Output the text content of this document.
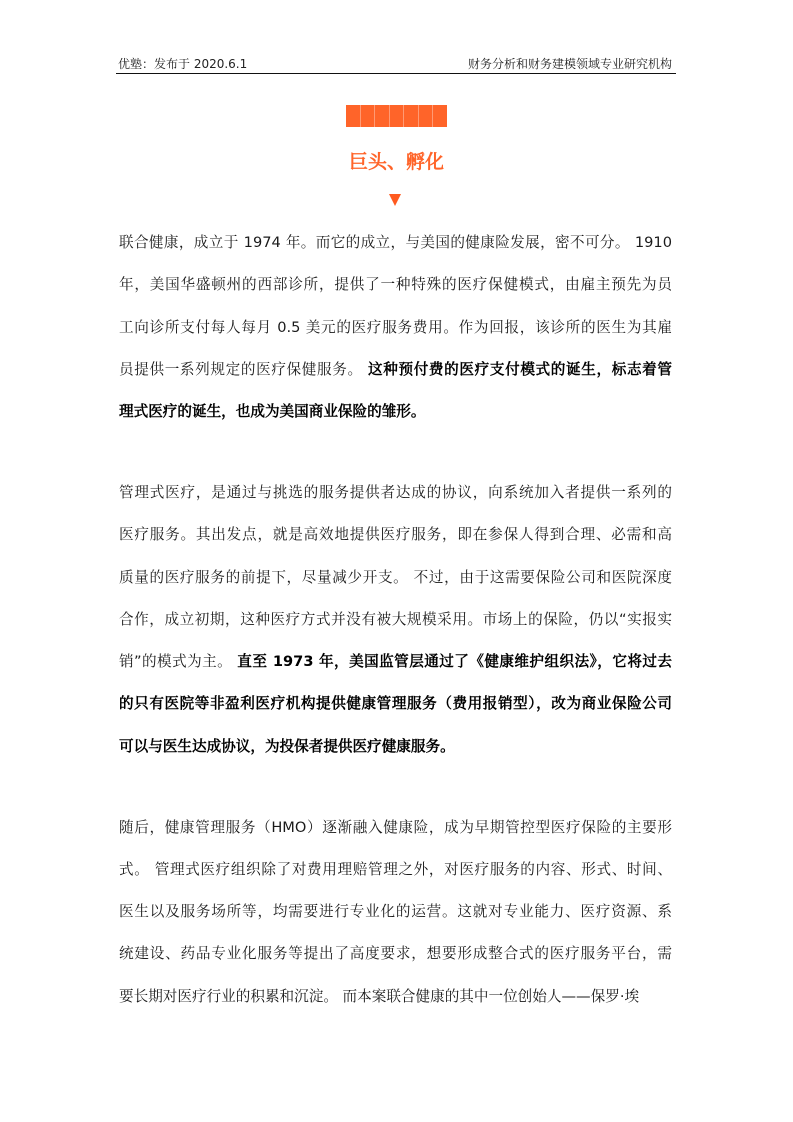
优塾：发布于 2020.6.1	财务分析和财务建模领域专业研究机构
巨头、孵化
联合健康，成立于 1974 年。而它的成立，与美国的健康险发展，密不可分。 1910
年，美国华盛顿州的西部诊所，提供了一种特殊的医疗保健模式，由雇主预先为员
工向诊所支付每人每月 0.5 美元的医疗服务费用。作为回报，该诊所的医生为其雇
员提供一系列规定的医疗保健服务。 这种预付费的医疗支付模式的诞生，标志着管
理式医疗的诞生，也成为美国商业保险的雏形。
管理式医疗，是通过与挑选的服务提供者达成的协议，向系统加入者提供一系列的
医疗服务。其出发点，就是高效地提供医疗服务，即在参保人得到合理、必需和高
质量的医疗服务的前提下，尽量减少开支。 不过，由于这需要保险公司和医院深度
合作，成立初期，这种医疗方式并没有被大规模采用。市场上的保险，仍以“实报实
销”的模式为主。 直至 1973 年，美国监管层通过了《健康维护组织法》，它将过去
的只有医院等非盈利医疗机构提供健康管理服务（费用报销型），改为商业保险公司
可以与医生达成协议，为投保者提供医疗健康服务。
随后，健康管理服务（HMO）逐渐融入健康险，成为早期管控型医疗保险的主要形
式。 管理式医疗组织除了对费用理赔管理之外，对医疗服务的内容、形式、时间、
医生以及服务场所等，均需要进行专业化的运营。这就对专业能力、医疗资源、系
统建设、药品专业化服务等提出了高度要求，想要形成整合式的医疗服务平台，需
要长期对医疗行业的积累和沉淀。 而本案联合健康的其中一位创始人——保罗·埃
